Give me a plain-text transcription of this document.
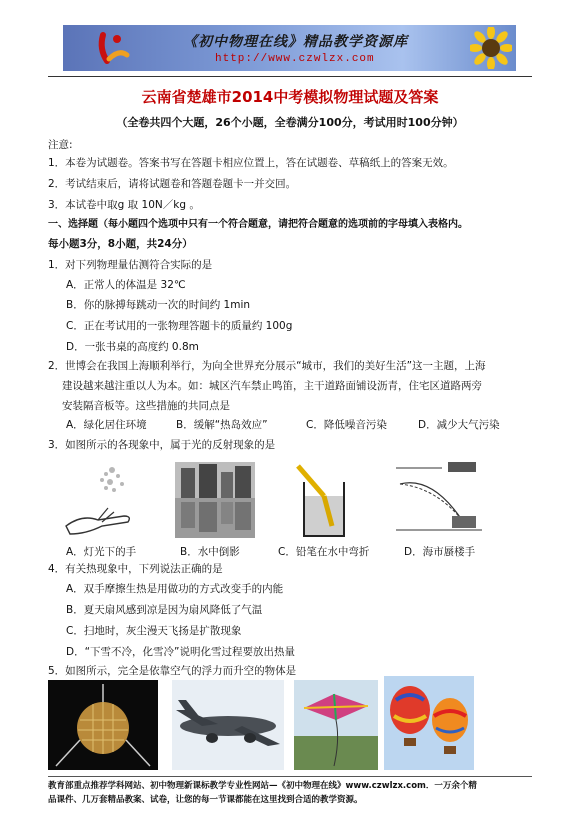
《初中物理在线》精品教学资源库
http://www.czwlzx.com
云南省楚雄市2014中考模拟物理试题及答案
（全卷共四个大题，26个小题，全卷满分100分，考试用时100分钟）
注意:
1．本卷为试题卷。答案书写在答题卡相应位置上，答在试题卷、草稿纸上的答案无效。
2．考试结束后，请将试题卷和答题卷题卡一并交回。
3．本试卷中取g 取 10N／kg 。
一、选择题（每小题四个选项中只有一个符合题意，请把符合题意的选项前的字母填入表格内。
每小题3分，8小题，共24分）
1．对下列物理量估测符合实际的是
A．正常人的体温是 32℃
B．你的脉搏每跳动一次的时间约 1min
C．正在考试用的一张物理答题卡的质量约 100g
D．一张书桌的高度约 0.8m
2．世博会在我国上海顺利举行，为向全世界充分展示“城市，我们的美好生活”这一主题，上海
建设越来越注重以人为本。如：城区汽车禁止鸣笛，主干道路面铺设沥青，住宅区道路两旁
安装隔音板等。这些措施的共同点是
A．绿化居住环境	B．缓解“热岛效应”	C．降低噪音污染	D．减少大气污染
3．如图所示的各现象中，属于光的反射现象的是
A．灯光下的手	B．水中倒影	C．铅笔在水中弯折	D．海市蜃楼手
4．有关热现象中，下列说法正确的是
A．双手摩擦生热是用做功的方式改变手的内能
B．夏天扇风感到凉是因为扇风降低了气温
C．扫地时，灰尘漫天飞扬是扩散现象
D．“下雪不冷，化雪冷”说明化雪过程要放出热量
5．如图所示，完全是依靠空气的浮力而升空的物体是
教育部重点推荐学科网站、初中物理新课标教学专业性网站—《初中物理在线》www.czwlzx.com．一万余个精
品课件、几万套精品教案、试卷，让您的每一节课都能在这里找到合适的教学资源。
